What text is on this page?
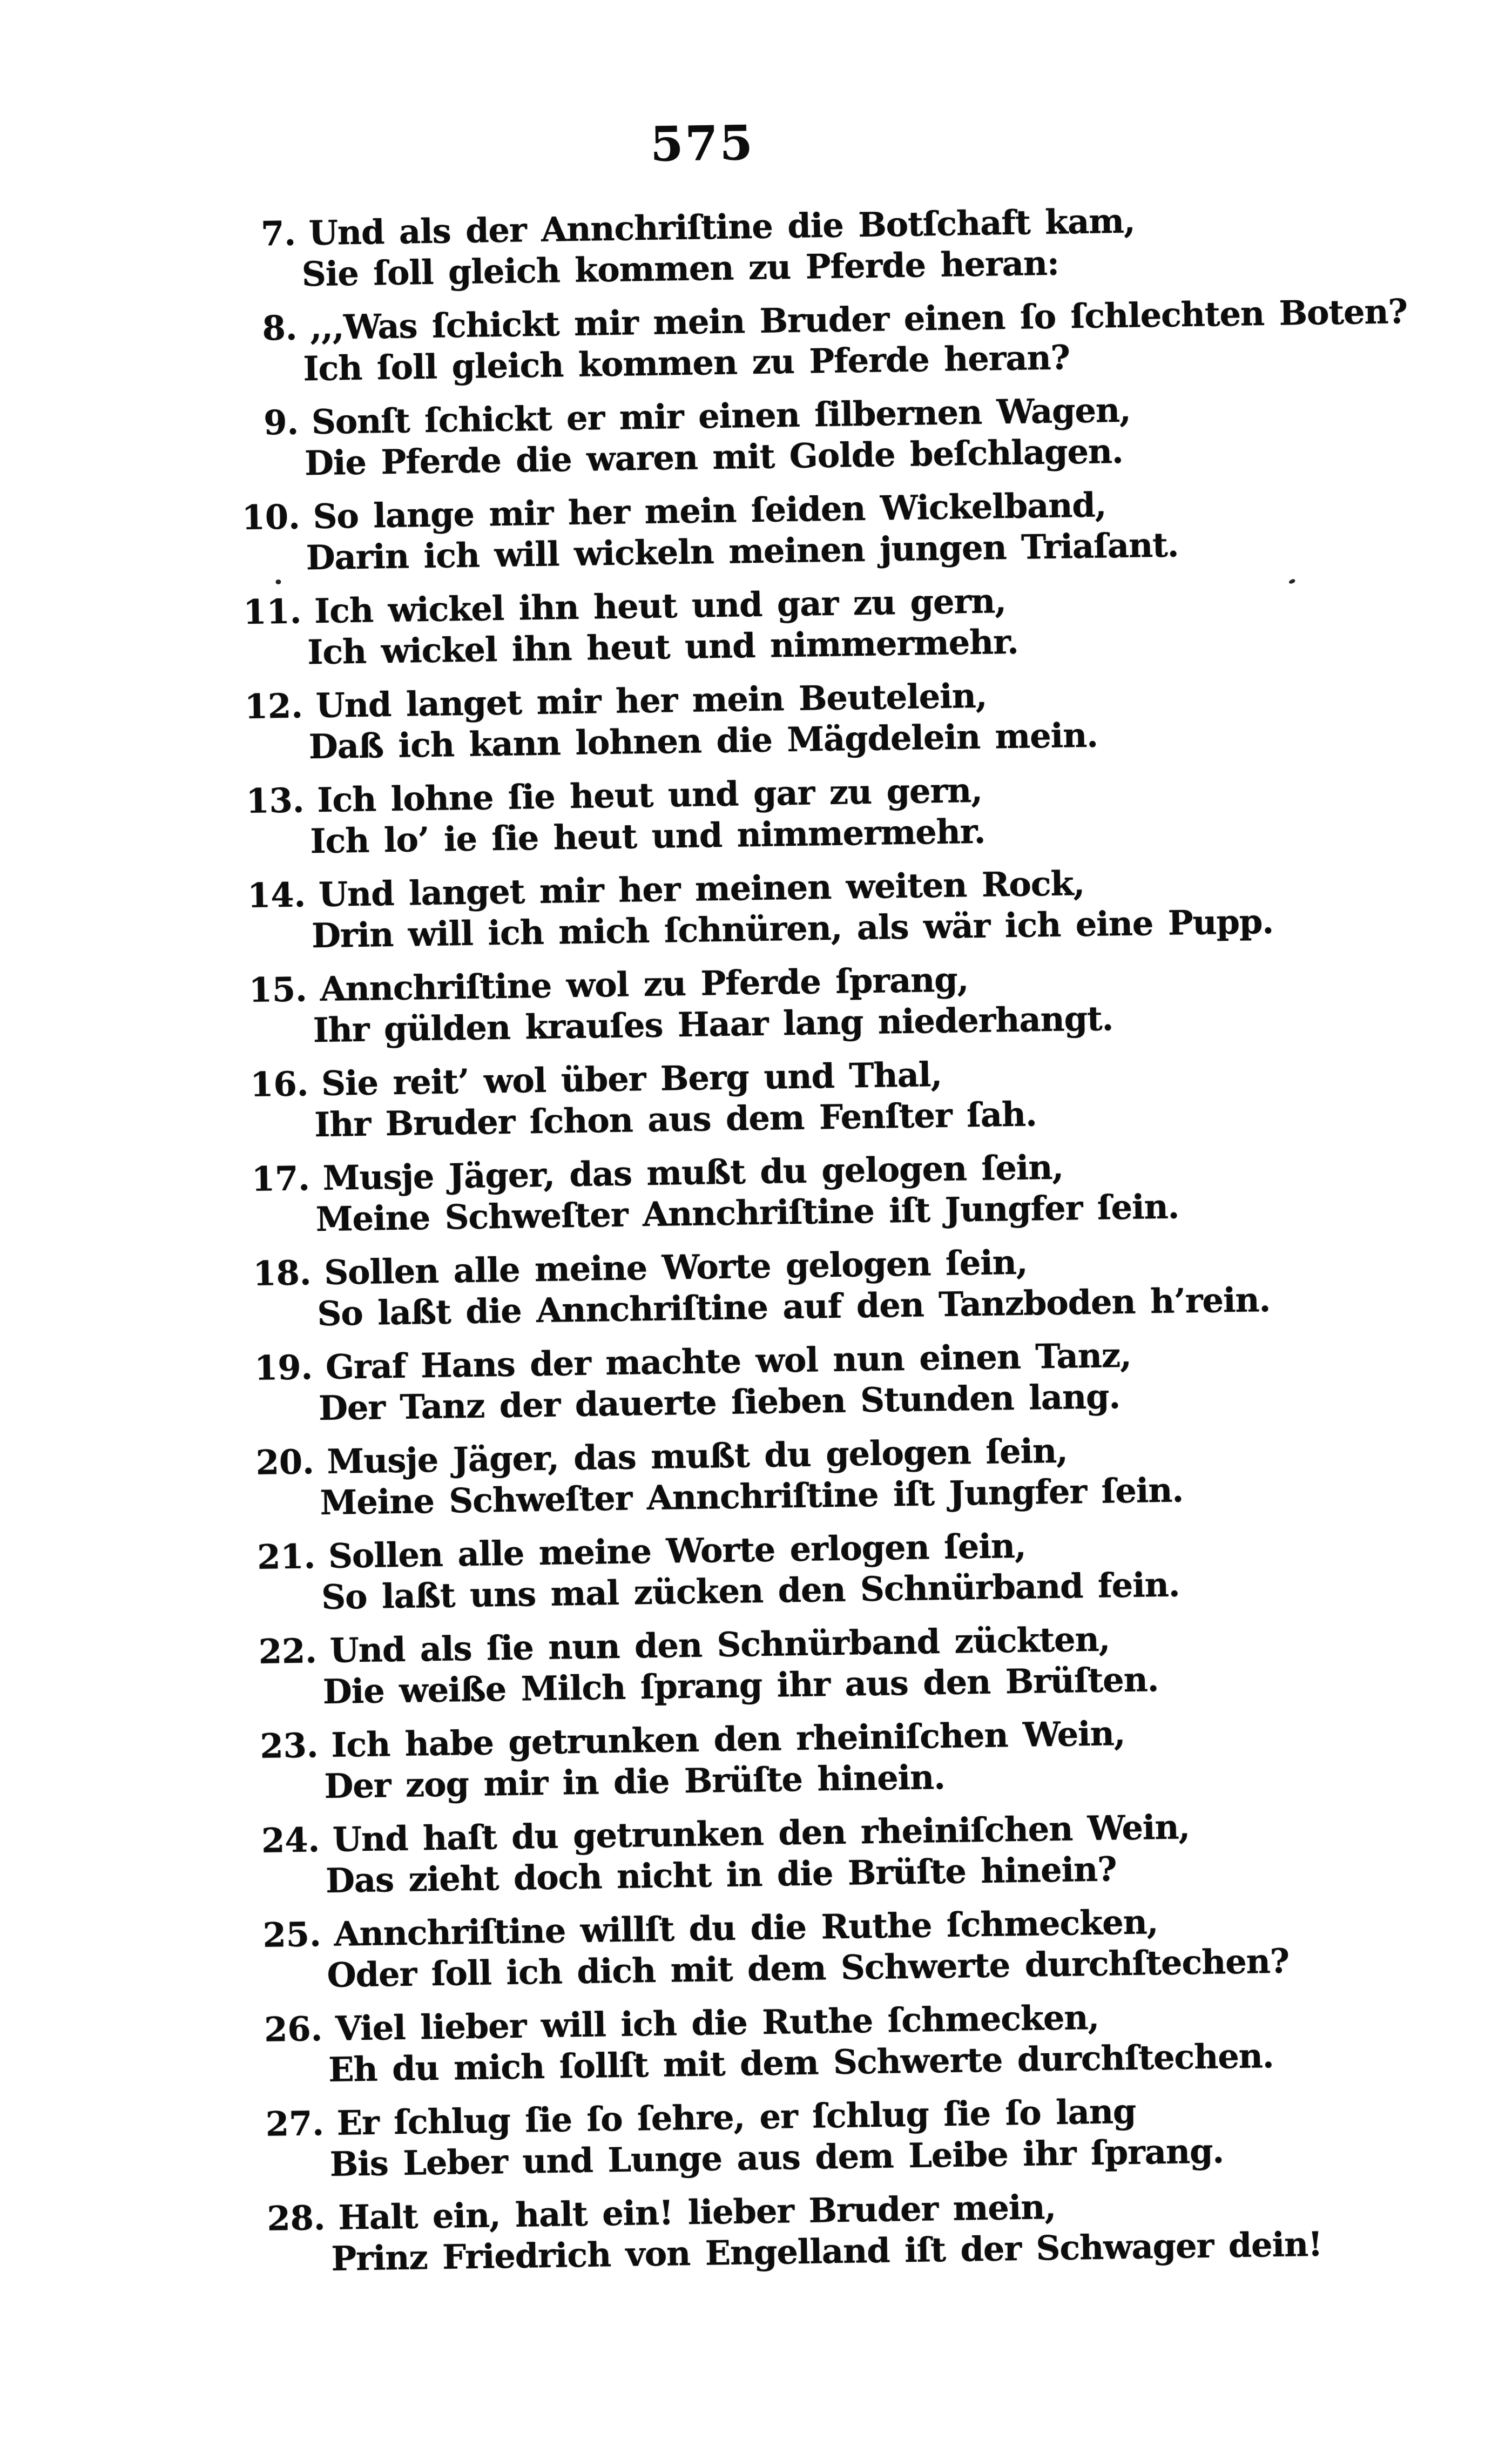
575
7. Und als der Annchriſtine die Botſchaft kam,
Sie ſoll gleich kommen zu Pferde heran:
8. ,,,Was ſchickt mir mein Bruder einen ſo ſchlechten Boten?
Ich ſoll gleich kommen zu Pferde heran?
9. Sonſt ſchickt er mir einen ſilbernen Wagen,
Die Pferde die waren mit Golde beſchlagen.
10. So lange mir her mein ſeiden Wickelband,
Darin ich will wickeln meinen jungen Triaſant.
11. Ich wickel ihn heut und gar zu gern,
Ich wickel ihn heut und nimmermehr.
12. Und langet mir her mein Beutelein,
Daß ich kann lohnen die Mägdelein mein.
13. Ich lohne ſie heut und gar zu gern,
Ich lo’ ie ſie heut und nimmermehr.
14. Und langet mir her meinen weiten Rock,
Drin will ich mich ſchnüren, als wär ich eine Pupp.
15. Annchriſtine wol zu Pferde ſprang,
Ihr gülden krauſes Haar lang niederhangt.
16. Sie reit’ wol über Berg und Thal,
Ihr Bruder ſchon aus dem Fenſter ſah.
17. Musje Jäger, das mußt du gelogen ſein,
Meine Schweſter Annchriſtine iſt Jungfer ſein.
18. Sollen alle meine Worte gelogen ſein,
So laßt die Annchriſtine auf den Tanzboden h’rein.
19. Graf Hans der machte wol nun einen Tanz,
Der Tanz der dauerte ſieben Stunden lang.
20. Musje Jäger, das mußt du gelogen ſein,
Meine Schweſter Annchriſtine iſt Jungfer ſein.
21. Sollen alle meine Worte erlogen ſein,
So laßt uns mal zücken den Schnürband fein.
22. Und als ſie nun den Schnürband zückten,
Die weiße Milch ſprang ihr aus den Brüſten.
23. Ich habe getrunken den rheiniſchen Wein,
Der zog mir in die Brüſte hinein.
24. Und haſt du getrunken den rheiniſchen Wein,
Das zieht doch nicht in die Brüſte hinein?
25. Annchriſtine willſt du die Ruthe ſchmecken,
Oder ſoll ich dich mit dem Schwerte durchſtechen?
26. Viel lieber will ich die Ruthe ſchmecken,
Eh du mich ſollſt mit dem Schwerte durchſtechen.
27. Er ſchlug ſie ſo ſehre, er ſchlug ſie ſo lang
Bis Leber und Lunge aus dem Leibe ihr ſprang.
28. Halt ein, halt ein! lieber Bruder mein,
Prinz Friedrich von Engelland iſt der Schwager dein!
